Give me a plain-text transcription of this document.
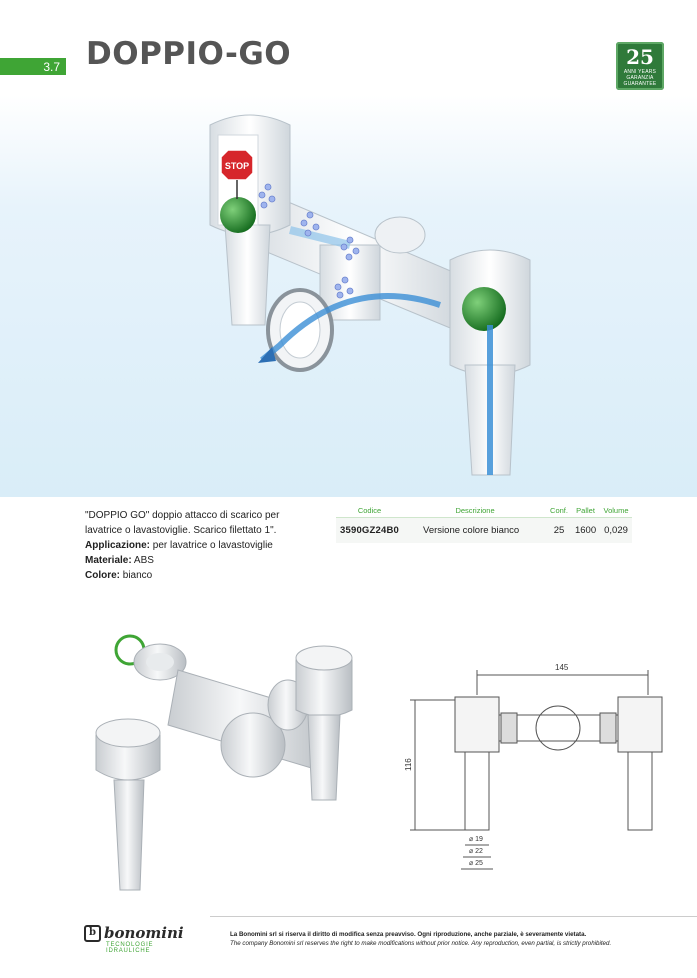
3.7 DOPPIO-GO	25
ANNI YEARS
GARANZIA
GUARANTEE
STOP

"DOPPIO GO" doppio attacco di scarico per

lavatrice o lavastoviglie. Scarico filettato 1".

Applicazione: per lavatrice o lavastoviglie

Materiale: ABS

Colore: bianco

Codice	Descrizione	Conf.	Pallet	Volume
3590GZ24B0	Versione colore bianco	25	1600	0,029
145
116
⌀ 19
⌀ 22
⌀ 25
b bonomini
TECNOLOGIE IDRAULICHE
La Bonomini srl si riserva il diritto di modifica senza preavviso. Ogni riproduzione, anche parziale, è severamente vietata.
The company Bonomini srl reserves the right to make modifications without prior notice. Any reproduction, even partial, is strictly prohibited.
